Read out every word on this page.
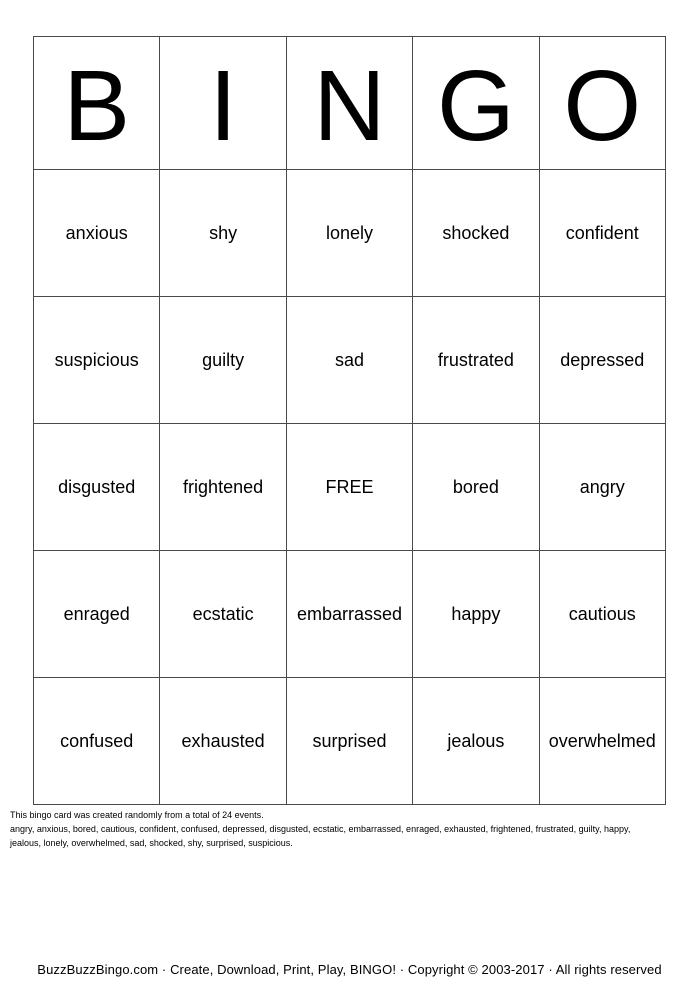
B	I	N	G	O
anxious	shy	lonely	shocked	confident
suspicious	guilty	sad	frustrated	depressed
disgusted	frightened	FREE	bored	angry
enraged	ecstatic	embarrassed	happy	cautious
confused	exhausted	surprised	jealous	overwhelmed
This bingo card was created randomly from a total of 24 events.
angry, anxious, bored, cautious, confident, confused, depressed, disgusted, ecstatic, embarrassed, enraged, exhausted, frightened, frustrated, guilty, happy,
jealous, lonely, overwhelmed, sad, shocked, shy, surprised, suspicious.
BuzzBuzzBingo.com · Create, Download, Print, Play, BINGO! · Copyright © 2003-2017 · All rights reserved
